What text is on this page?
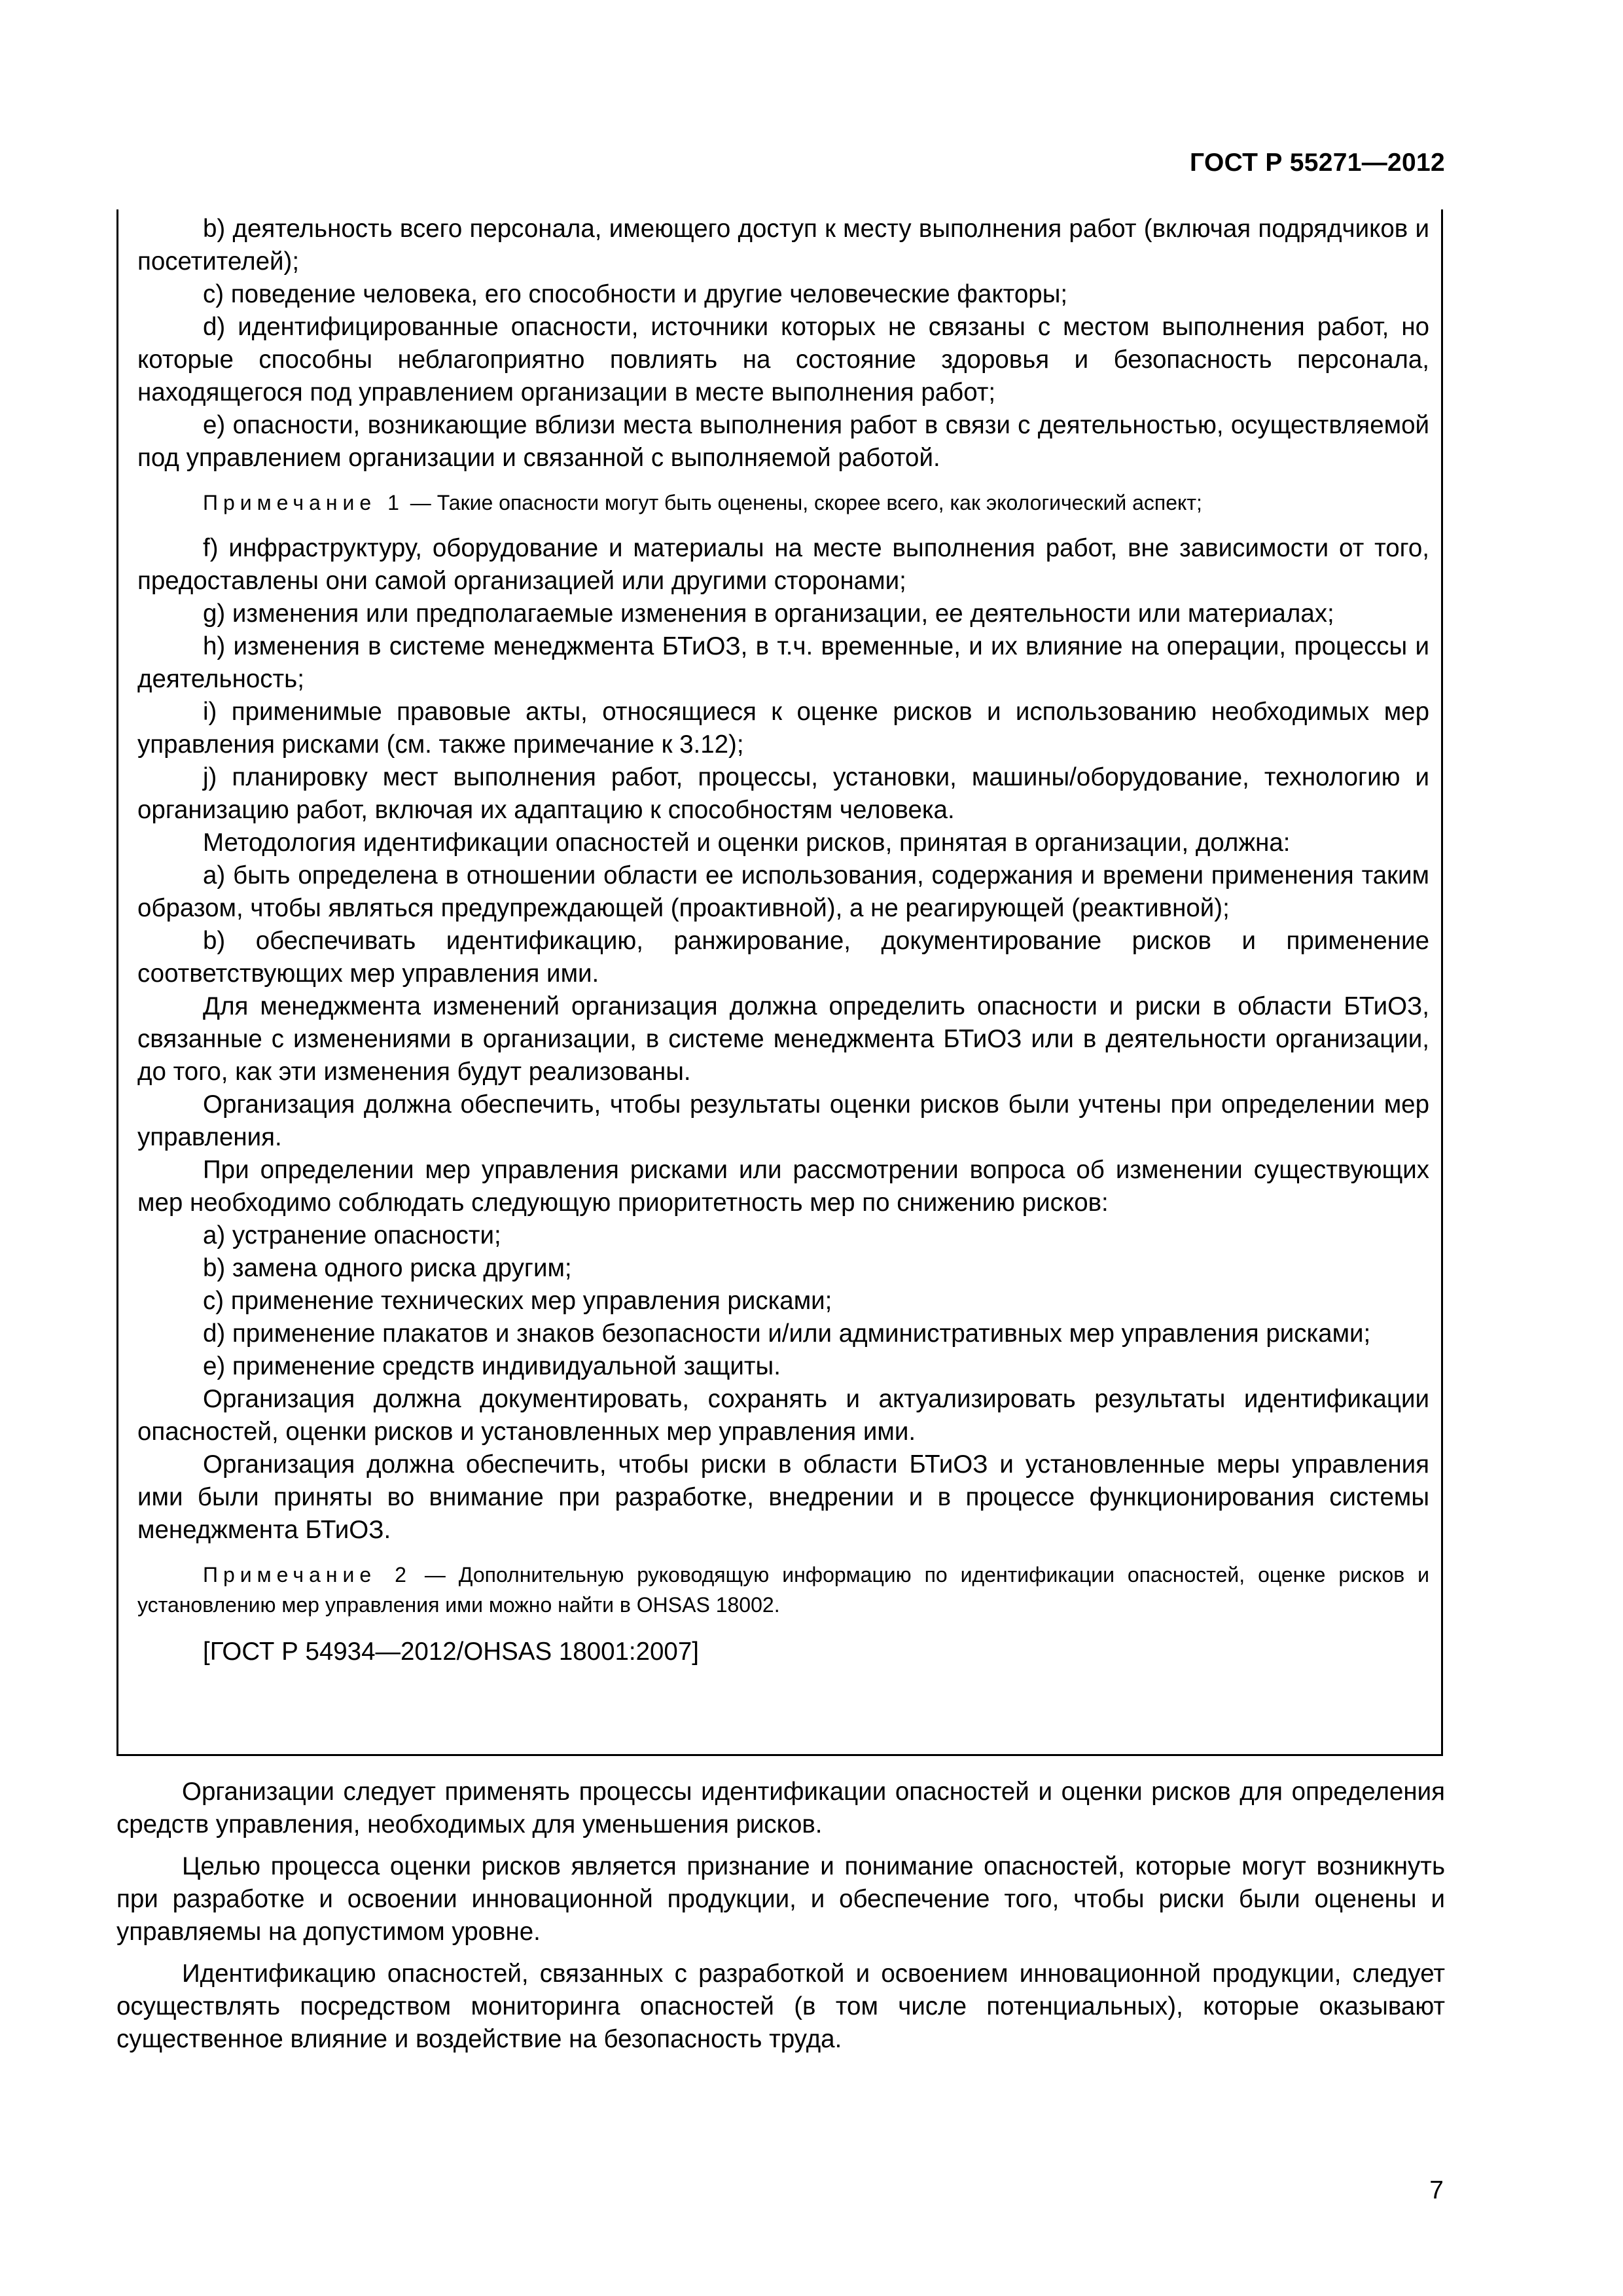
ГОСТ Р 55271—2012

b) деятельность всего персонала, имеющего доступ к месту выполнения работ (включая подрядчиков и посетителей);

c) поведение человека, его способности и другие человеческие факторы;

d) идентифицированные опасности, источники которых не связаны с местом выполнения работ, но которые способны неблагоприятно повлиять на состояние здоровья и безопасность персонала, находящегося под управлением организации в месте выполнения работ;

e) опасности, возникающие вблизи места выполнения работ в связи с деятельностью, осуществляемой под управлением организации и связанной с выполняемой работой.

Примечание 1 — Такие опасности могут быть оценены, скорее всего, как экологический аспект;

f) инфраструктуру, оборудование и материалы на месте выполнения работ, вне зависимости от того, предоставлены они самой организацией или другими сторонами;

g) изменения или предполагаемые изменения в организации, ее деятельности или материалах;

h) изменения в системе менеджмента БТиОЗ, в т.ч. временные, и их влияние на операции, процессы и деятельность;

i) применимые правовые акты, относящиеся к оценке рисков и использованию необходимых мер управления рисками (см. также примечание к 3.12);

j) планировку мест выполнения работ, процессы, установки, машины/оборудование, технологию и организацию работ, включая их адаптацию к способностям человека.

Методология идентификации опасностей и оценки рисков, принятая в организации, должна:

a) быть определена в отношении области ее использования, содержания и времени применения таким образом, чтобы являться предупреждающей (проактивной), а не реагирующей (реактивной);

b) обеспечивать идентификацию, ранжирование, документирование рисков и применение соответствующих мер управления ими.

Для менеджмента изменений организация должна определить опасности и риски в области БТиОЗ, связанные с изменениями в организации, в системе менеджмента БТиОЗ или в деятельности организации, до того, как эти изменения будут реализованы.

Организация должна обеспечить, чтобы результаты оценки рисков были учтены при определении мер управления.

При определении мер управления рисками или рассмотрении вопроса об изменении существующих мер необходимо соблюдать следующую приоритетность мер по снижению рисков:

a) устранение опасности;

b) замена одного риска другим;

c) применение технических мер управления рисками;

d) применение плакатов и знаков безопасности и/или административных мер управления рисками;

e) применение средств индивидуальной защиты.

Организация должна документировать, сохранять и актуализировать результаты идентификации опасностей, оценки рисков и установленных мер управления ими.

Организация должна обеспечить, чтобы риски в области БТиОЗ и установленные меры управления ими были приняты во внимание при разработке, внедрении и в процессе функционирования системы менеджмента БТиОЗ.

Примечание 2 — Дополнительную руководящую информацию по идентификации опасностей, оценке рисков и установлению мер управления ими можно найти в OHSAS 18002.

[ГОСТ Р 54934—2012/OHSAS 18001:2007]

Организации следует применять процессы идентификации опасностей и оценки рисков для определения средств управления, необходимых для уменьшения рисков.

Целью процесса оценки рисков является признание и понимание опасностей, которые могут возникнуть при разработке и освоении инновационной продукции, и обеспечение того, чтобы риски были оценены и управляемы на допустимом уровне.

Идентификацию опасностей, связанных с разработкой и освоением инновационной продукции, следует осуществлять посредством мониторинга опасностей (в том числе потенциальных), которые оказывают существенное влияние и воздействие на безопасность труда.

7
